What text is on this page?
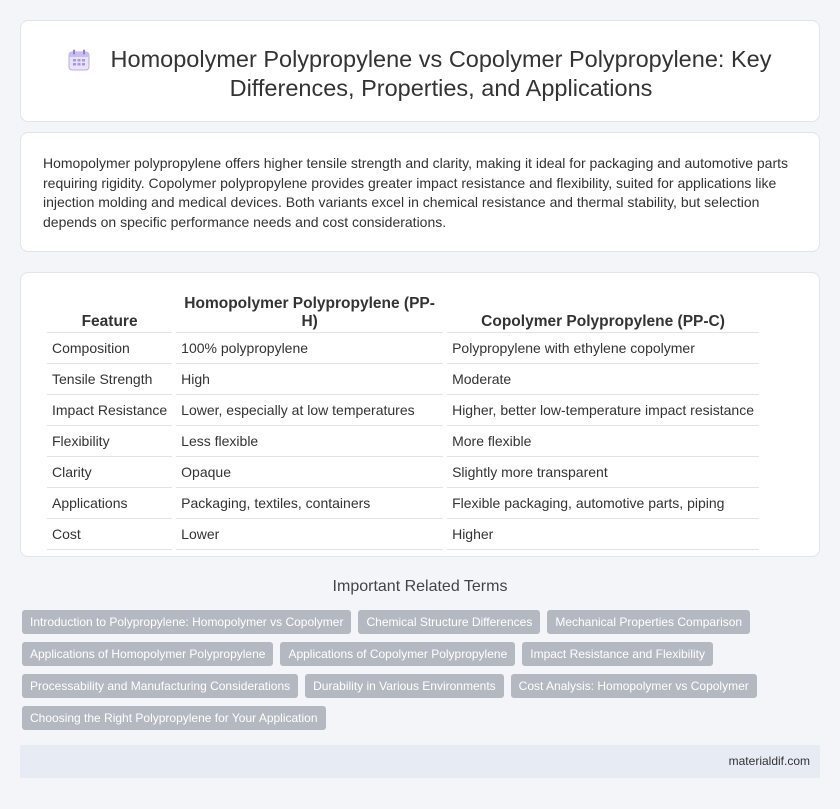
Homopolymer Polypropylene vs Copolymer Polypropylene: Key Differences, Properties, and Applications

Homopolymer polypropylene offers higher tensile strength and clarity, making it ideal for packaging and automotive parts requiring rigidity. Copolymer polypropylene provides greater impact resistance and flexibility, suited for applications like injection molding and medical devices. Both variants excel in chemical resistance and thermal stability, but selection depends on specific performance needs and cost considerations.

Feature	Homopolymer Polypropylene (PP-H)	Copolymer Polypropylene (PP-C)
Composition	100% polypropylene	Polypropylene with ethylene copolymer
Tensile Strength	High	Moderate
Impact Resistance	Lower, especially at low temperatures	Higher, better low-temperature impact resistance
Flexibility	Less flexible	More flexible
Clarity	Opaque	Slightly more transparent
Applications	Packaging, textiles, containers	Flexible packaging, automotive parts, piping
Cost	Lower	Higher
Important Related Terms
Introduction to Polypropylene: Homopolymer vs Copolymer	Chemical Structure Differences	Mechanical Properties Comparison
Applications of Homopolymer Polypropylene	Applications of Copolymer Polypropylene	Impact Resistance and Flexibility
Processability and Manufacturing Considerations	Durability in Various Environments	Cost Analysis: Homopolymer vs Copolymer
Choosing the Right Polypropylene for Your Application
materialdif.com
